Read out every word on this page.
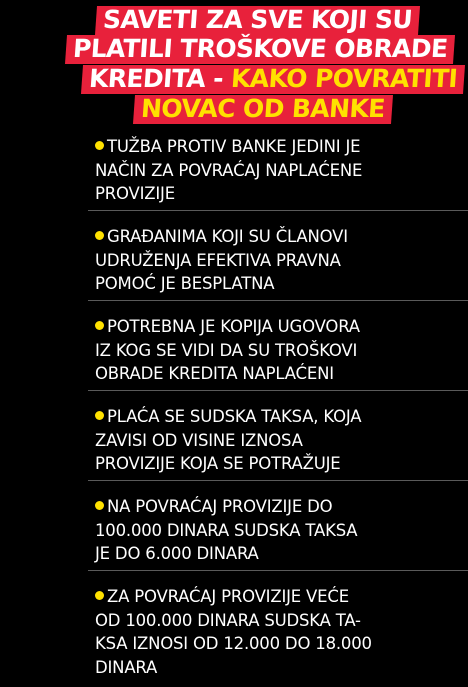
SAVETI ZA SVE KOJI SU
PLATILI TROŠKOVE OBRADE
KREDITA - KAKO POVRATITI
NOVAC OD BANKE
TUŽBA PROTIV BANKE JEDINI JE
NAČIN ZA POVRAĆAJ NAPLAĆENE
PROVIZIJE
GRAĐANIMA KOJI SU ČLANOVI
UDRUŽENJA EFEKTIVA PRAVNA
POMOĆ JE BESPLATNA
POTREBNA JE KOPIJA UGOVORA
IZ KOG SE VIDI DA SU TROŠKOVI
OBRADE KREDITA NAPLAĆENI
PLAĆA SE SUDSKA TAKSA, KOJA
ZAVISI OD VISINE IZNOSA
PROVIZIJE KOJA SE POTRAŽUJE
NA POVRAĆAJ PROVIZIJE DO
100.000 DINARA SUDSKA TAKSA
JE DO 6.000 DINARA
ZA POVRAĆAJ PROVIZIJE VEĆE
OD 100.000 DINARA SUDSKA TA-
KSA IZNOSI OD 12.000 DO 18.000
DINARA
